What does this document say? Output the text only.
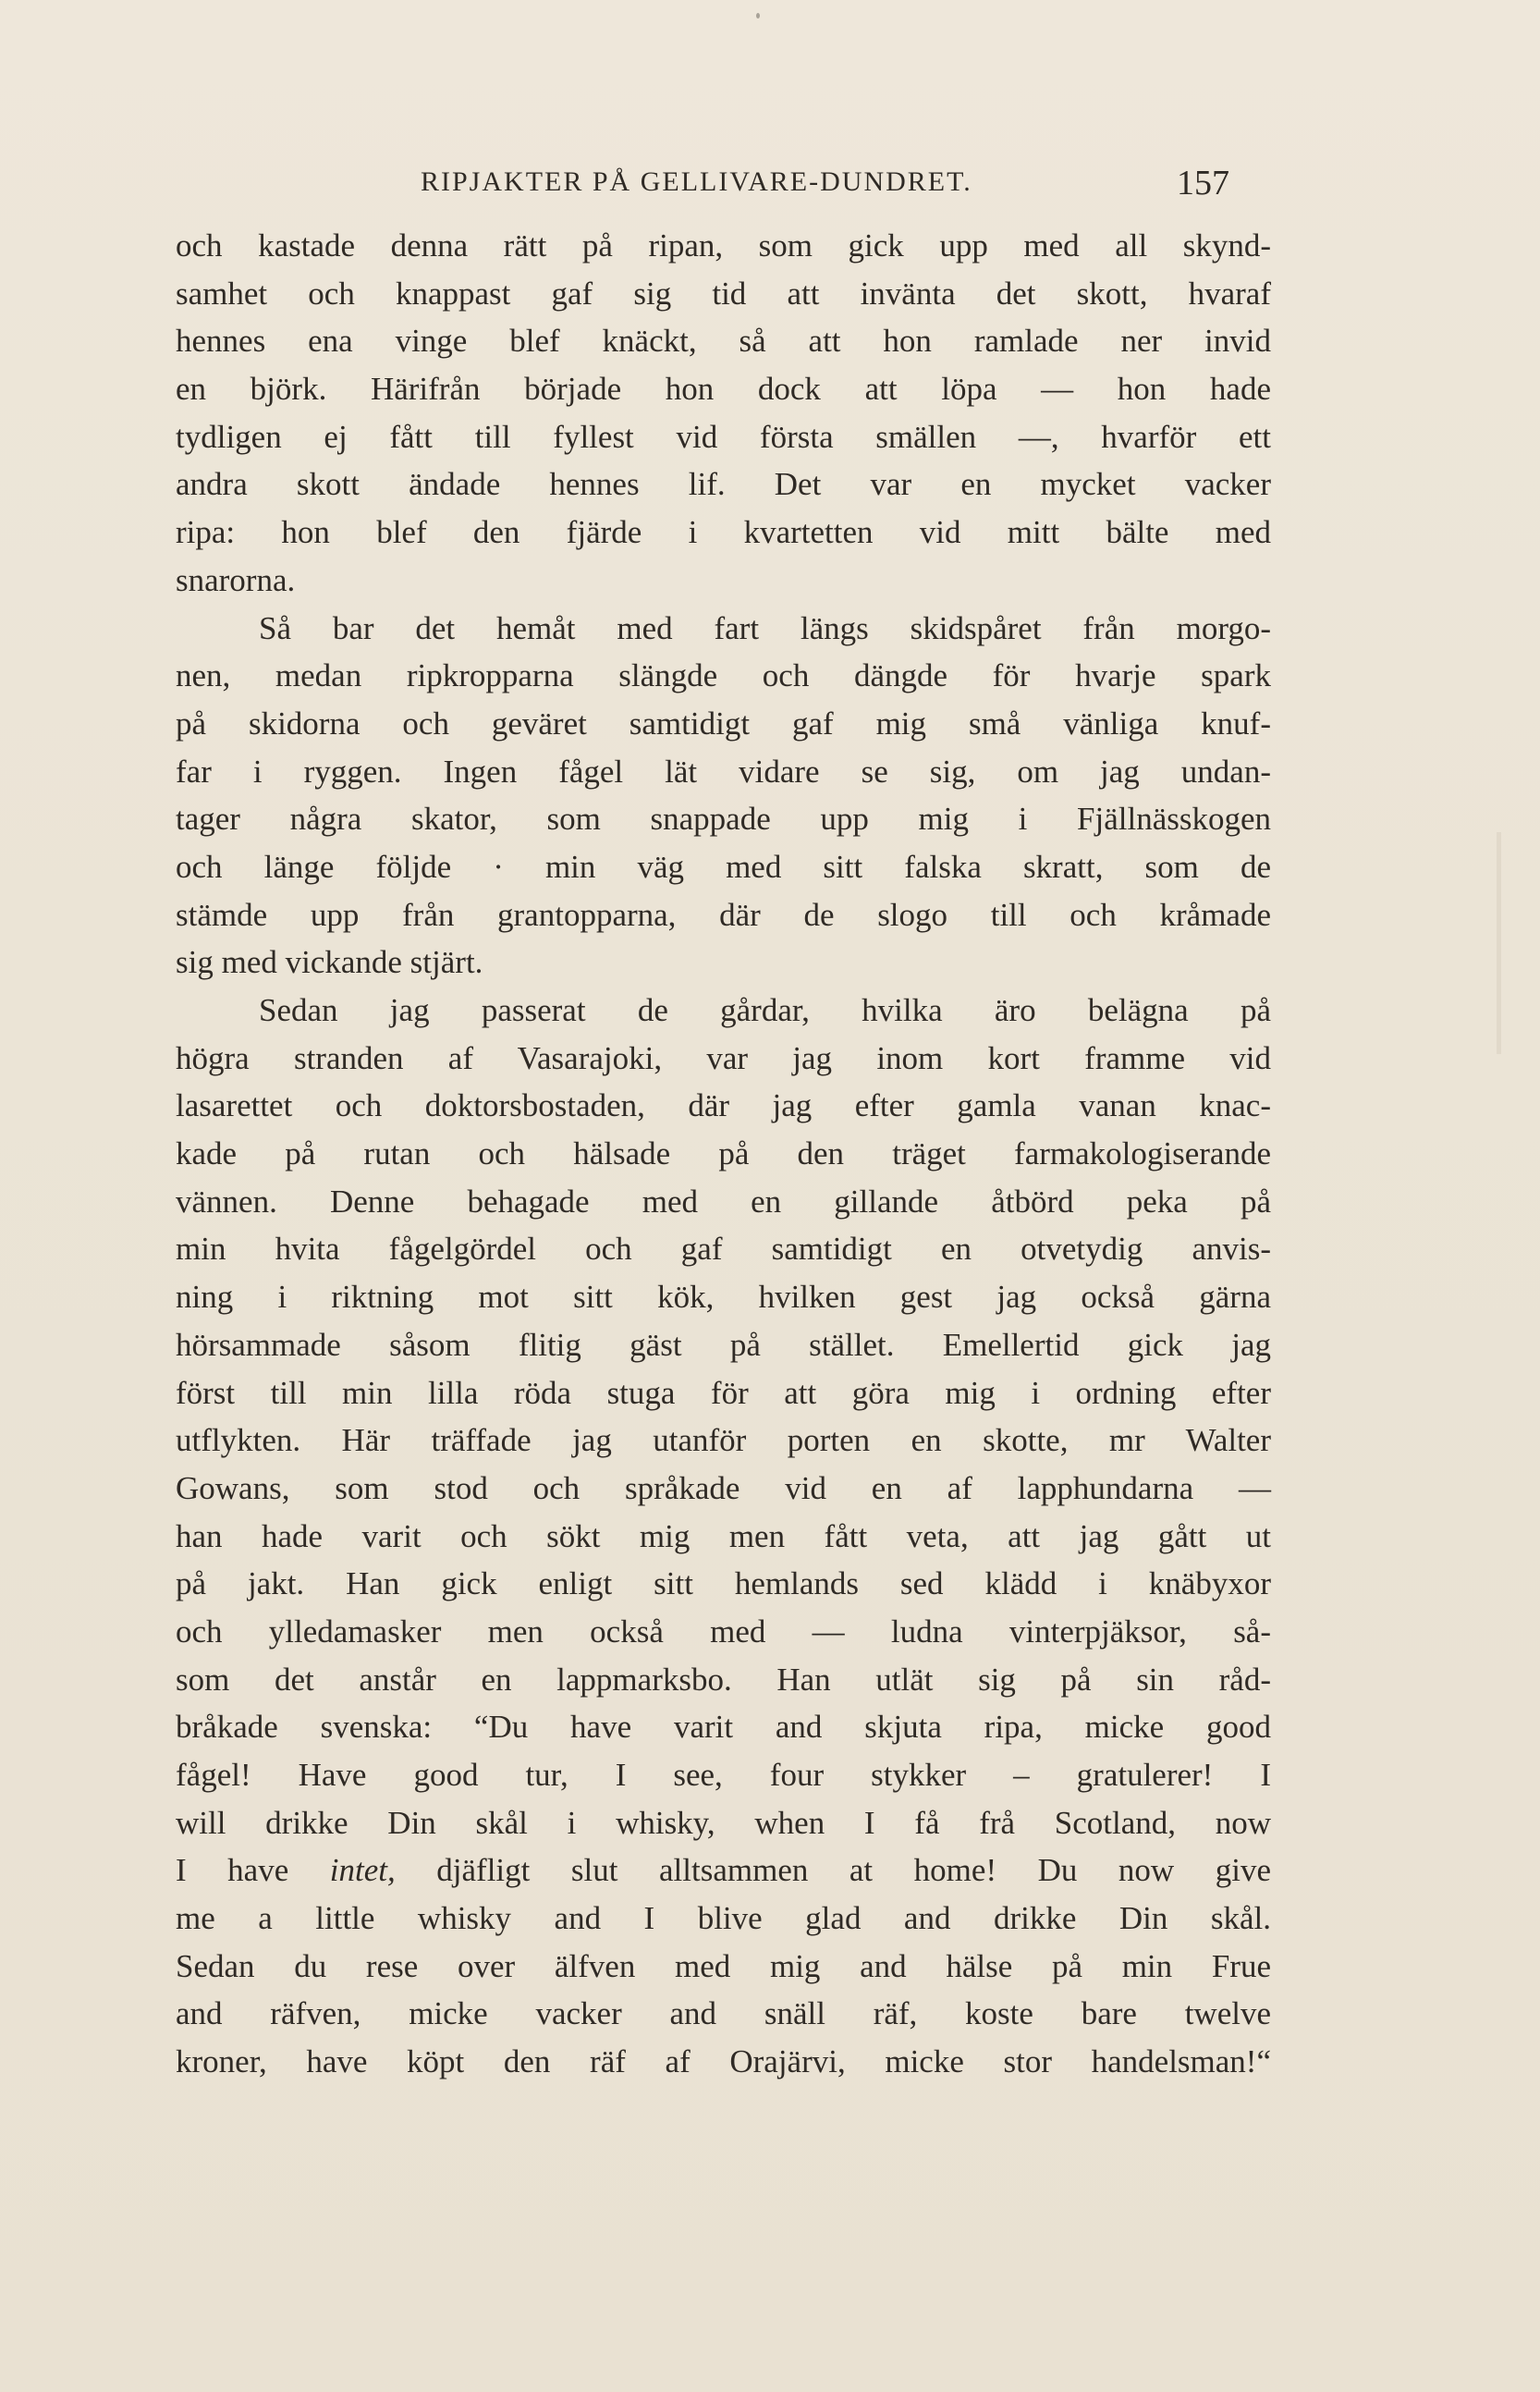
RIPJAKTER PÅ GELLIVARE-DUNDRET.	157
och kastade denna rätt på ripan, som gick upp med all skynd-
samhet och knappast gaf sig tid att invänta det skott, hvaraf
hennes ena vinge blef knäckt, så att hon ramlade ner invid
en björk. Härifrån började hon dock att löpa — hon hade
tydligen ej fått till fyllest vid första smällen —, hvarför ett
andra skott ändade hennes lif. Det var en mycket vacker
ripa: hon blef den fjärde i kvartetten vid mitt bälte med
snarorna.
Så bar det hemåt med fart längs skidspåret från morgo-
nen, medan ripkropparna slängde och dängde för hvarje spark
på skidorna och geväret samtidigt gaf mig små vänliga knuf-
far i ryggen. Ingen fågel lät vidare se sig, om jag undan-
tager några skator, som snappade upp mig i Fjällnässkogen
och länge följde · min väg med sitt falska skratt, som de
stämde upp från grantopparna, där de slogo till och kråmade
sig med vickande stjärt.
Sedan jag passerat de gårdar, hvilka äro belägna på
högra stranden af Vasarajoki, var jag inom kort framme vid
lasarettet och doktorsbostaden, där jag efter gamla vanan knac-
kade på rutan och hälsade på den träget farmakologiserande
vännen. Denne behagade med en gillande åtbörd peka på
min hvita fågelgördel och gaf samtidigt en otvetydig anvis-
ning i riktning mot sitt kök, hvilken gest jag också gärna
hörsammade såsom flitig gäst på stället. Emellertid gick jag
först till min lilla röda stuga för att göra mig i ordning efter
utflykten. Här träffade jag utanför porten en skotte, mr Walter
Gowans, som stod och språkade vid en af lapphundarna —
han hade varit och sökt mig men fått veta, att jag gått ut
på jakt. Han gick enligt sitt hemlands sed klädd i knäbyxor
och ylledamasker men också med — ludna vinterpjäksor, så-
som det anstår en lappmarksbo. Han utlät sig på sin råd-
bråkade svenska: “Du have varit and skjuta ripa, micke good
fågel! Have good tur, I see, four stykker – gratulerer! I
will drikke Din skål i whisky, when I få frå Scotland, now
I have intet, djäfligt slut alltsammen at home! Du now give
me a little whisky and I blive glad and drikke Din skål.
Sedan du rese over älfven med mig and hälse på min Frue
and räfven, micke vacker and snäll räf, koste bare twelve
kroner, have köpt den räf af Orajärvi, micke stor handelsman!“
